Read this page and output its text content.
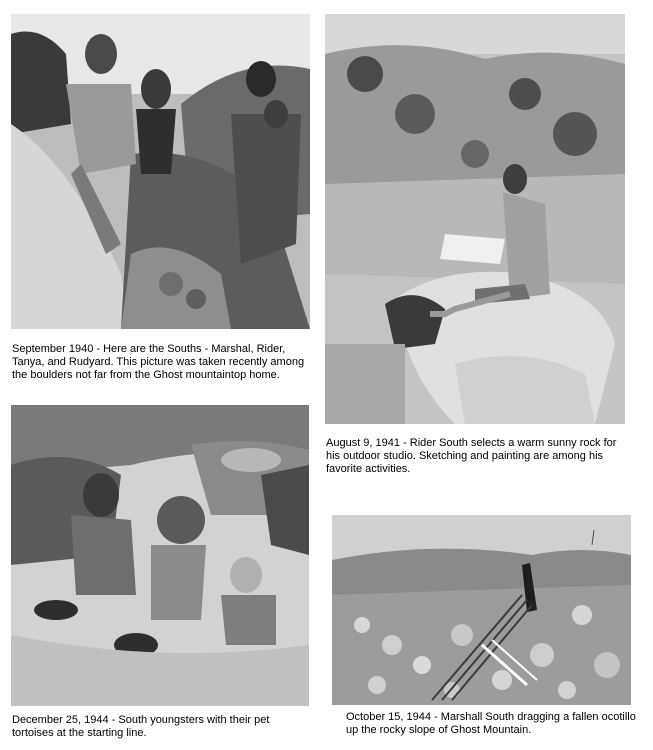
September 1940 - Here are the Souths - Marshal, Rider, Tanya, and Rudyard. This picture was taken recently among the boulders not far from the Ghost mountaintop home.

August 9, 1941 - Rider South selects a warm sunny rock for his outdoor studio. Sketching and painting are among his favorite activities.

December 25, 1944 - South youngsters with their pet tortoises at the starting line.

October 15, 1944 - Marshall South dragging a fallen ocotillo up the rocky slope of Ghost Mountain.
